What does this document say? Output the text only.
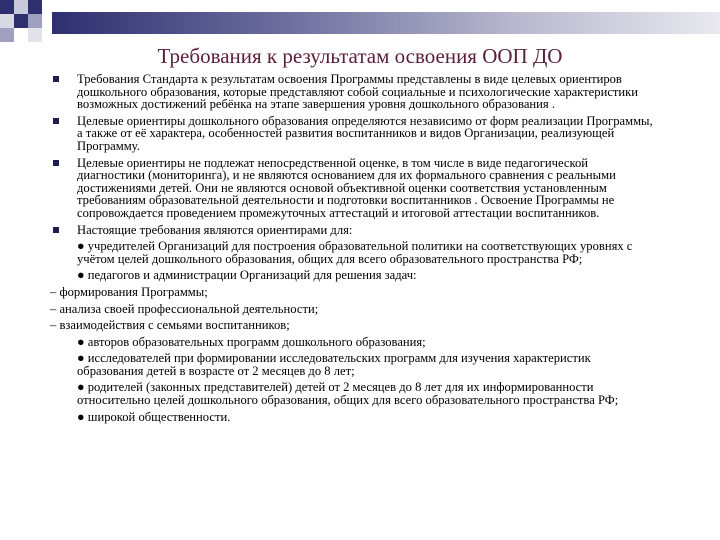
Требования к результатам освоения ООП ДО
Требования Стандарта к результатам освоения Программы представлены в виде целевых ориентиров дошкольного образования, которые представляют собой социальные и психологические характеристики возможных достижений ребёнка на этапе завершения уровня дошкольного образования .
Целевые ориентиры дошкольного образования определяются независимо от форм реализации Программы, а также от её характера, особенностей развития воспитанников и видов Организации, реализующей Программу.
Целевые ориентиры не подлежат непосредственной оценке, в том числе в виде педагогической диагностики (мониторинга), и не являются основанием для их формального сравнения с реальными достижениями детей. Они не являются основой объективной оценки соответствия установленным требованиям образовательной деятельности и подготовки воспитанников . Освоение Программы не сопровождается проведением промежуточных аттестаций и итоговой аттестации воспитанников.
Настоящие требования являются ориентирами для:
● учредителей Организаций для построения образовательной политики на соответствующих уровнях с учётом целей дошкольного образования, общих для всего образовательного пространства РФ;
● педагогов и администрации Организаций для решения задач:
– формирования Программы;
– анализа своей профессиональной деятельности;
– взаимодействия с семьями воспитанников;
● авторов образовательных программ дошкольного образования;
● исследователей при формировании исследовательских программ для изучения характеристик образования детей в возрасте от 2 месяцев до 8 лет;
● родителей (законных представителей) детей от 2 месяцев до 8 лет для их информированности относительно целей дошкольного образования, общих для всего образовательного пространства РФ;
● широкой общественности.
